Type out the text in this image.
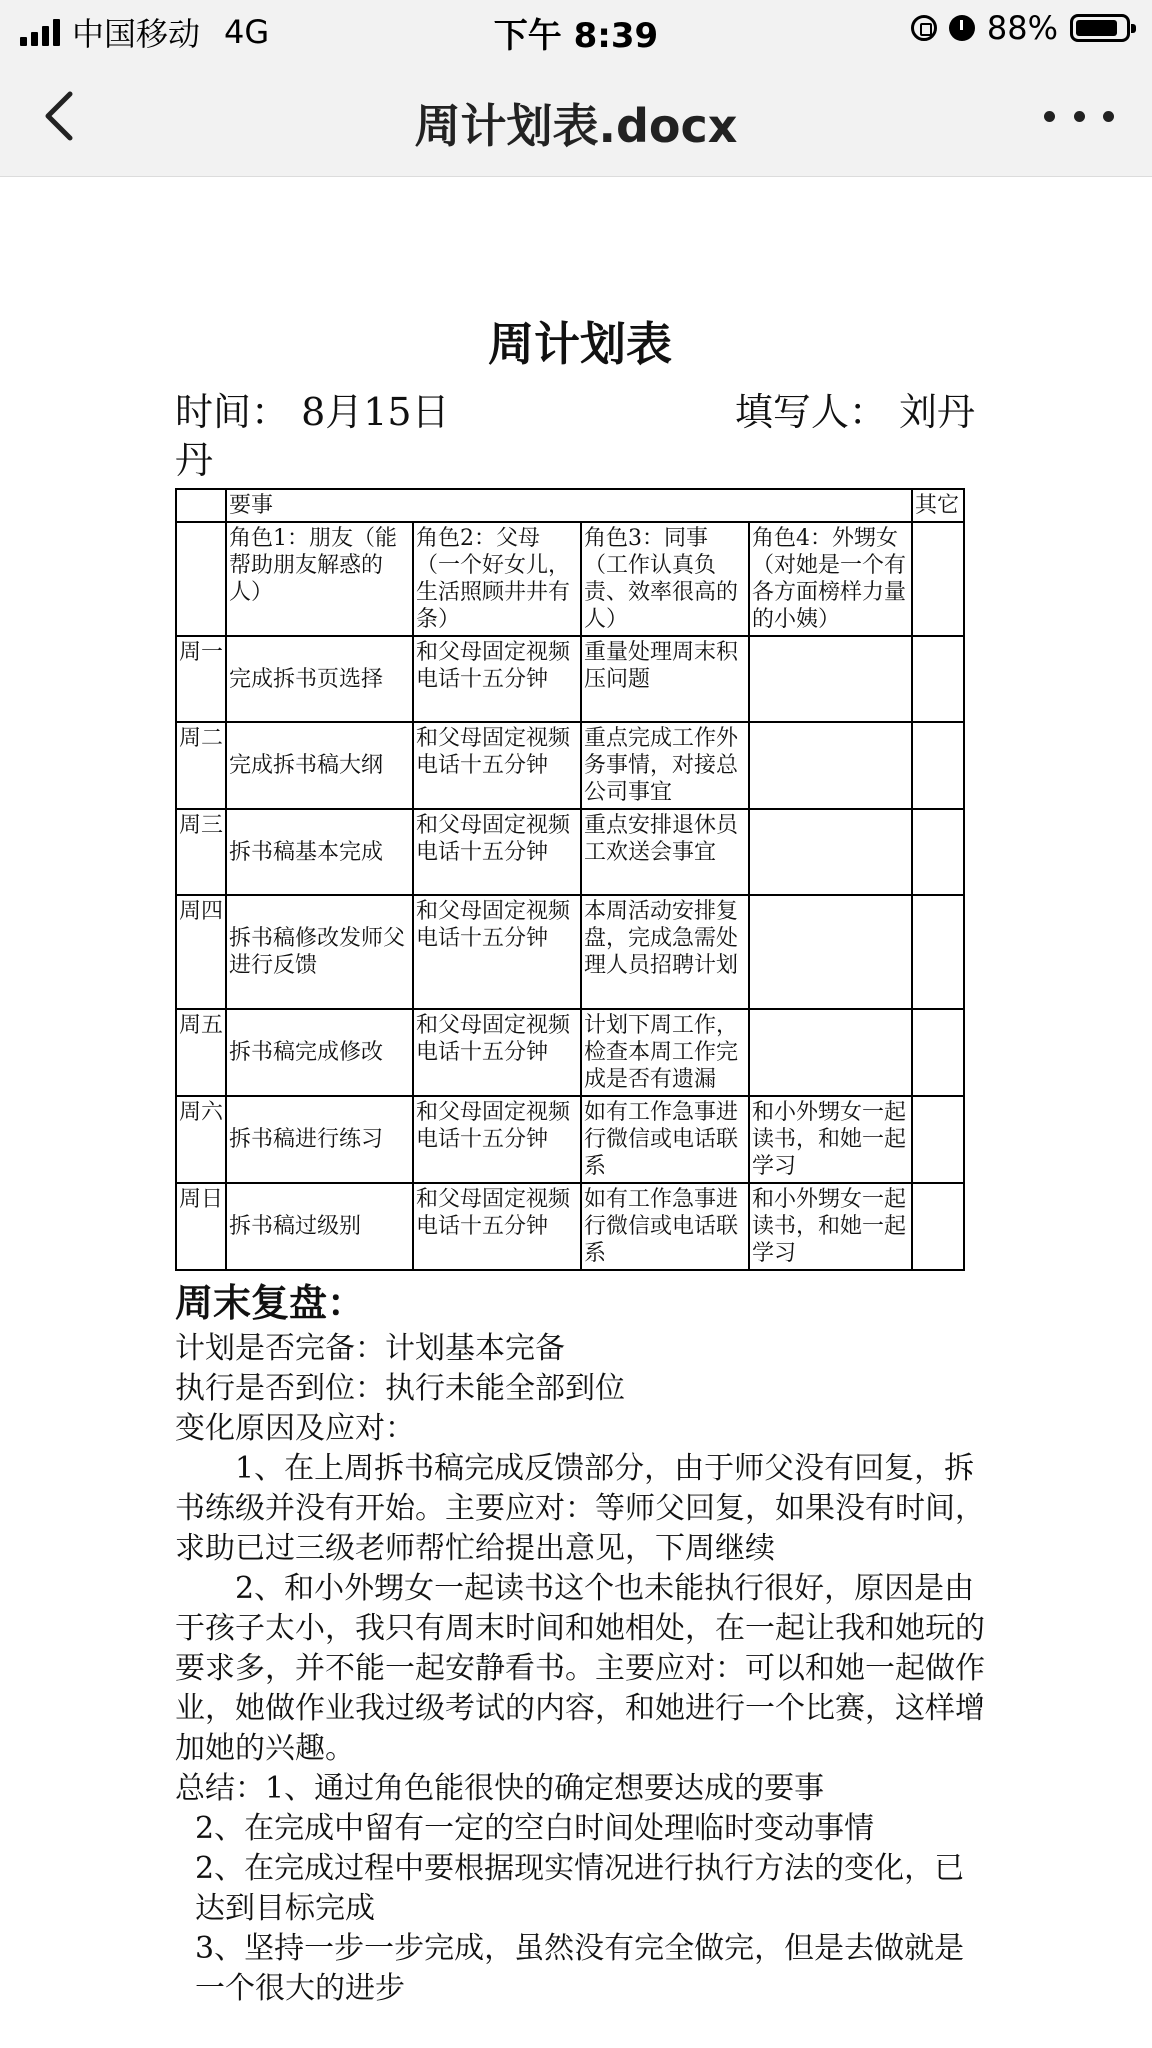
中国移动 4G	下午 8:39	88%
周计划表.docx
周计划表
时间： 8月15日	填写人： 刘丹
丹
	要事				其它
	角色1：朋友（能帮助朋友解惑的人）	角色2：父母（一个好女儿，生活照顾井井有条）	角色3：同事（工作认真负责、效率很高的人）	角色4：外甥女（对她是一个有各方面榜样力量的小姨）	
周一	完成拆书页选择	和父母固定视频电话十五分钟	重量处理周末积压问题		
周二	完成拆书稿大纲	和父母固定视频电话十五分钟	重点完成工作外务事情，对接总公司事宜		
周三	拆书稿基本完成	和父母固定视频电话十五分钟	重点安排退休员工欢送会事宜		
周四	拆书稿修改发师父进行反馈	和父母固定视频电话十五分钟	本周活动安排复盘，完成急需处理人员招聘计划		
周五	拆书稿完成修改	和父母固定视频电话十五分钟	计划下周工作，检查本周工作完成是否有遗漏		
周六	拆书稿进行练习	和父母固定视频电话十五分钟	如有工作急事进行微信或电话联系	和小外甥女一起读书，和她一起学习	
周日	拆书稿过级别	和父母固定视频电话十五分钟	如有工作急事进行微信或电话联系	和小外甥女一起读书，和她一起学习	
周末复盘：
计划是否完备：计划基本完备
执行是否到位：执行未能全部到位
变化原因及应对：
1、在上周拆书稿完成反馈部分，由于师父没有回复，拆书练级并没有开始。主要应对：等师父回复，如果没有时间，求助已过三级老师帮忙给提出意见，下周继续
2、和小外甥女一起读书这个也未能执行很好，原因是由于孩子太小，我只有周末时间和她相处，在一起让我和她玩的要求多，并不能一起安静看书。主要应对：可以和她一起做作业，她做作业我过级考试的内容，和她进行一个比赛，这样增加她的兴趣。
总结：1、通过角色能很快的确定想要达成的要事
2、在完成中留有一定的空白时间处理临时变动事情
2、在完成过程中要根据现实情况进行执行方法的变化，已达到目标完成
3、坚持一步一步完成，虽然没有完全做完，但是去做就是一个很大的进步
